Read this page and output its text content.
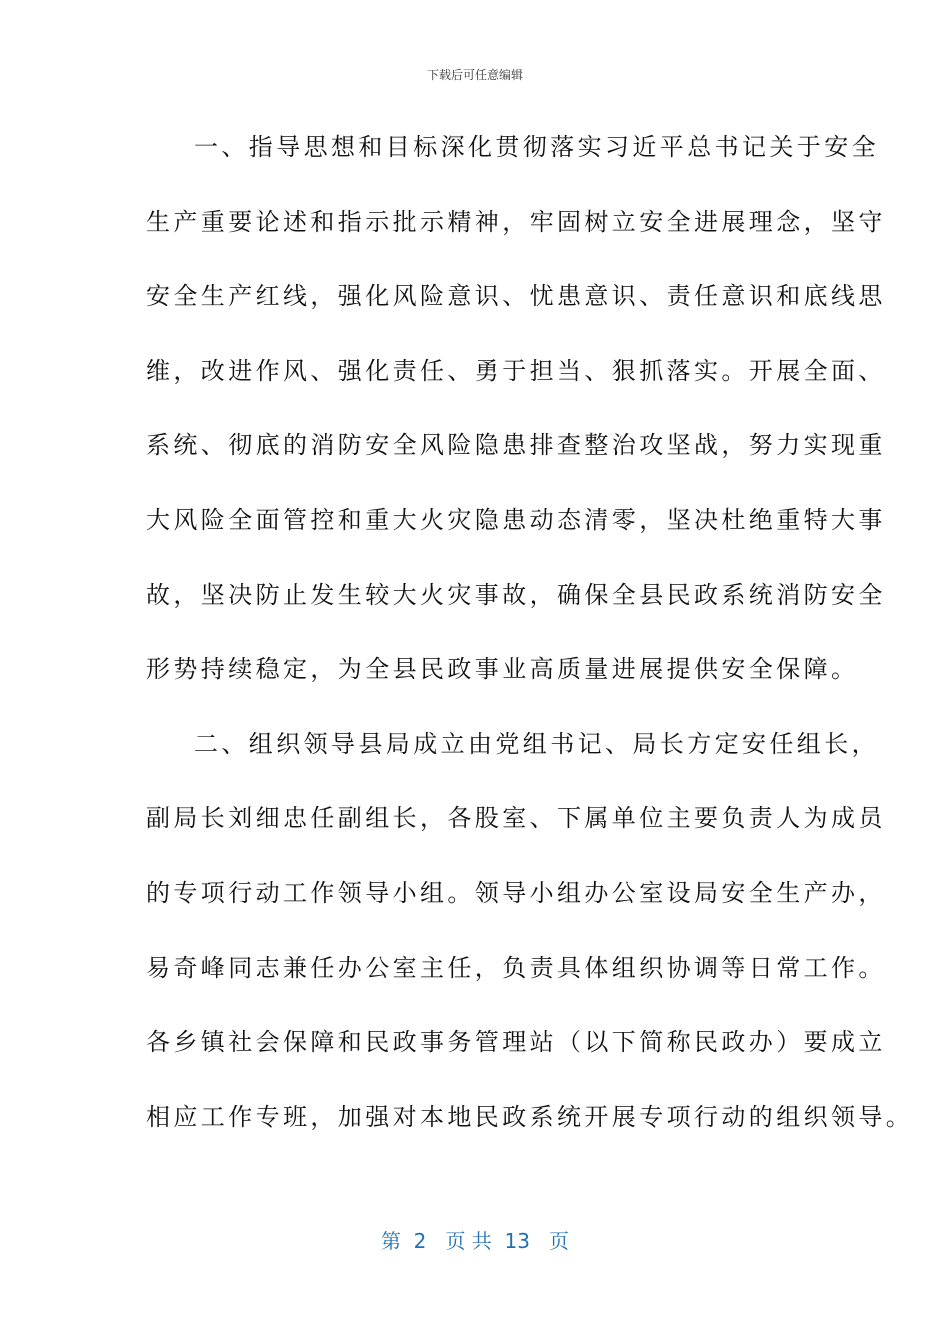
下载后可任意编辑
一、指导思想和目标深化贯彻落实习近平总书记关于安全
生产重要论述和指示批示精神，牢固树立安全进展理念，坚守
安全生产红线，强化风险意识、忧患意识、责任意识和底线思
维，改进作风、强化责任、勇于担当、狠抓落实。开展全面、
系统、彻底的消防安全风险隐患排查整治攻坚战，努力实现重
大风险全面管控和重大火灾隐患动态清零，坚决杜绝重特大事
故，坚决防止发生较大火灾事故，确保全县民政系统消防安全
形势持续稳定，为全县民政事业高质量进展提供安全保障。
二、组织领导县局成立由党组书记、局长方定安任组长，
副局长刘细忠任副组长，各股室、下属单位主要负责人为成员
的专项行动工作领导小组。领导小组办公室设局安全生产办，
易奇峰同志兼任办公室主任，负责具体组织协调等日常工作。
各乡镇社会保障和民政事务管理站（以下简称民政办）要成立
相应工作专班，加强对本地民政系统开展专项行动的组织领导。
第  2   页 共  13   页
